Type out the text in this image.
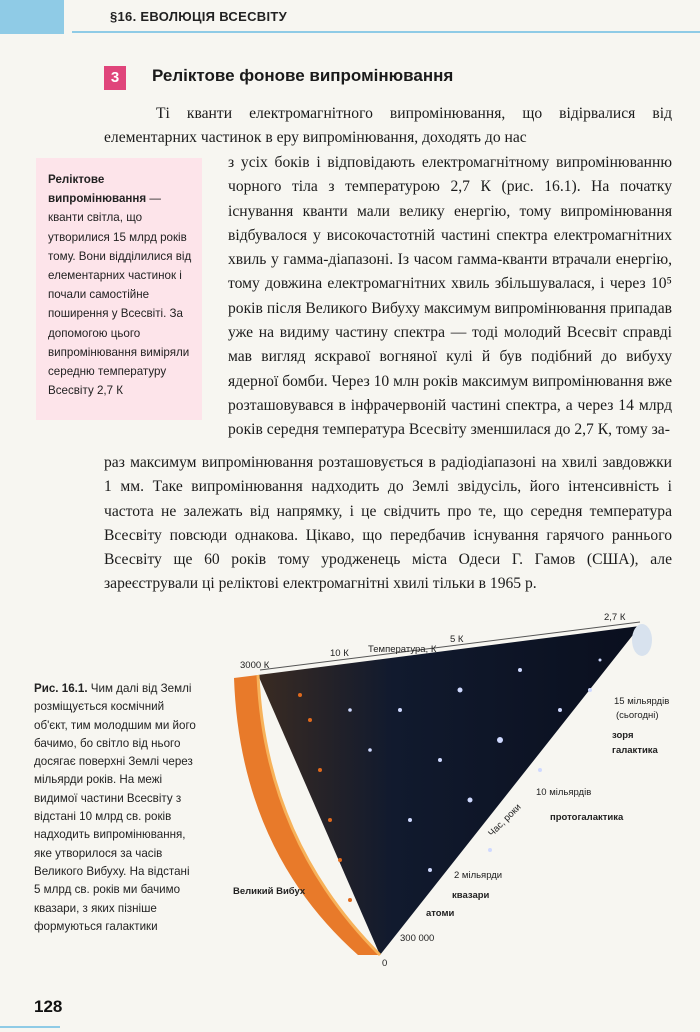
§16. ЕВОЛЮЦІЯ ВСЕСВІТУ
3	Реліктове фонове випромінювання

Ті кванти електромагнітного випромінювання, що відірвалися від елементарних частинок в еру випромінювання, доходять до нас

з усіх боків і відповідають електромагнітному випромінюванню чорного тіла з температурою 2,7 К (рис. 16.1). На початку існування кванти мали велику енергію, тому випромінювання відбувалося у високочастотній частині спектра електромагнітних хвиль у гамма-діапазоні. Із часом гамма-кванти втрачали енергію, тому довжина електромагнітних хвиль збільшувалася, і через 10⁵ років після Великого Вибуху максимум випромінювання припадав уже на видиму частину спектра — тоді молодий Всесвіт справді мав вигляд яскравої вогняної кулі й був подібний до вибуху ядерної бомби. Через 10 млн років максимум випромінювання вже розташовувався в інфрачервоній частині спектра, а через 14 млрд років середня температура Всесвіту зменшилася до 2,7 К, тому за-

раз максимум випромінювання розташовується в радіодіапазоні на хвилі завдовжки 1 мм. Таке випромінювання надходить до Землі звідусіль, його інтенсивність і частота не залежать від напрямку, і це свідчить про те, що середня температура Всесвіту повсюди однакова. Цікаво, що передбачив існування гарячого раннього Всесвіту ще 60 років тому уродженець міста Одеси Г. Гамов (США), але зареєстрували ці реліктові електромагнітні хвилі тільки в 1965 р.

Реліктове випромінювання — кванти світла, що утворилися 15 млрд років тому. Вони відділилися від елементарних частинок і почали самостійне поширення у Всесвіті. За допомогою цього випромінювання виміряли середню температуру Всесвіту 2,7 К
Рис. 16.1. Чим далі від Землі розміщується космічний об'єкт, тим молодшим ми його бачимо, бо світло від нього досягає поверхні Землі через мільярди років. На межі видимої частини Всесвіту з відстані 10 млрд св. років надходить випромінювання, яке утворилося за часів Великого Вибуху. На відстані 5 млрд св. років ми бачимо квазари, з яких пізніше формуються галактики
3000 К
10 К Температура, К
5 К
2,7 К
15 мільярдів
(сьогодні)
зоря
галактика
10 мільярдів
протогалактика
Час, роки
2 мільярди
квазари
атоми
300 000
0
Великий Вибух
128
